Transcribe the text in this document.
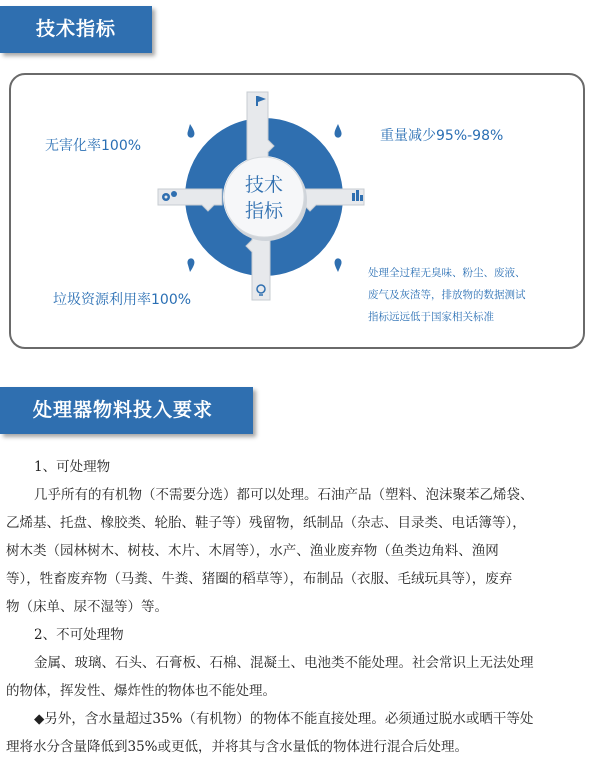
技术指标
技术
指标
无害化率100%
重量减少95%-98%
垃圾资源利用率100%
处理全过程无臭味、粉尘、废液、
废气及灰渣等，排放物的数据测试
指标远远低于国家相关标准
处理器物料投入要求
1、可处理物
几乎所有的有机物（不需要分选）都可以处理。石油产品（塑料、泡沫聚苯乙烯袋、
乙烯基、托盘、橡胶类、轮胎、鞋子等）残留物，纸制品（杂志、目录类、电话簿等），
树木类（园林树木、树枝、木片、木屑等），水产、渔业废弃物（鱼类边角料、渔网
等），牲畜废弃物（马粪、牛粪、猪圈的稻草等），布制品（衣服、毛绒玩具等），废弃
物（床单、尿不湿等）等。
2、不可处理物
金属、玻璃、石头、石膏板、石棉、混凝土、电池类不能处理。社会常识上无法处理
的物体，挥发性、爆炸性的物体也不能处理。
◆另外，含水量超过35%（有机物）的物体不能直接处理。必须通过脱水或晒干等处
理将水分含量降低到35%或更低，并将其与含水量低的物体进行混合后处理。
